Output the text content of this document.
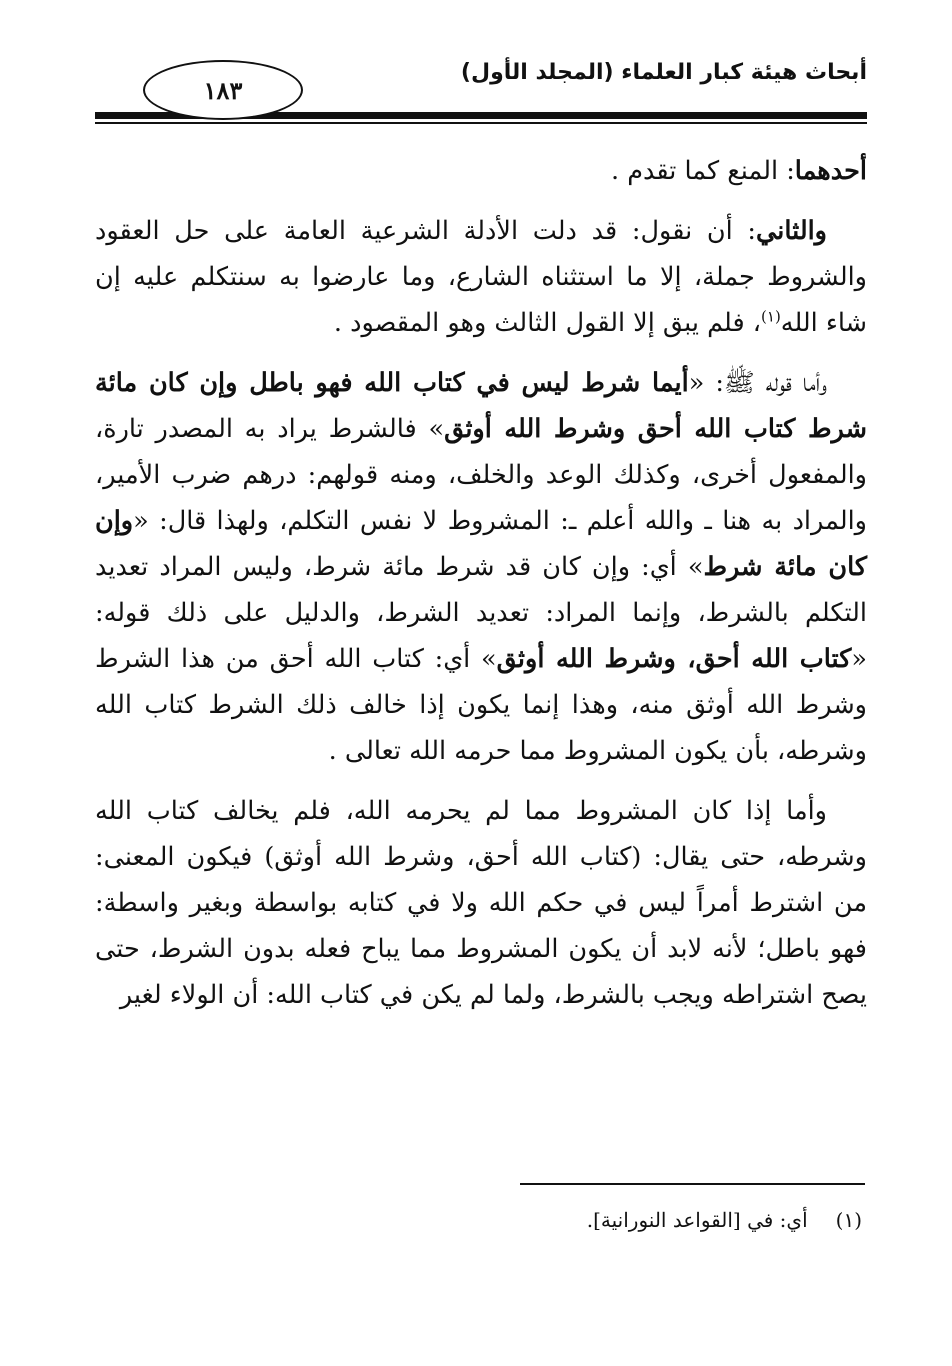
١٨٣
أبحاث هيئة كبار العلماء (المجلد الأول)

أحدهما: المنع كما تقدم .

والثاني: أن نقول: قد دلت الأدلة الشرعية العامة على حل العقود والشروط جملة، إلا ما استثناه الشارع، وما عارضوا به سنتكلم عليه إن شاء الله$^{(١)}$، فلم يبق إلا القول الثالث وهو المقصود .

وأما قوله ﷺ: «أيما شرط ليس في كتاب الله فهو باطل وإن كان مائة شرط كتاب الله أحق وشرط الله أوثق» فالشرط يراد به المصدر تارة، والمفعول أخرى، وكذلك الوعد والخلف، ومنه قولهم: درهم ضرب الأمير، والمراد به هنا ـ والله أعلم ـ: المشروط لا نفس التكلم، ولهذا قال: «وإن كان مائة شرط» أي: وإن كان قد شرط مائة شرط، وليس المراد تعديد التكلم بالشرط، وإنما المراد: تعديد الشرط، والدليل على ذلك قوله: «كتاب الله أحق، وشرط الله أوثق» أي: كتاب الله أحق من هذا الشرط وشرط الله أوثق منه، وهذا إنما يكون إذا خالف ذلك الشرط كتاب الله وشرطه، بأن يكون المشروط مما حرمه الله تعالى .

وأما إذا كان المشروط مما لم يحرمه الله، فلم يخالف كتاب الله وشرطه، حتى يقال: (كتاب الله أحق، وشرط الله أوثق) فيكون المعنى: من اشترط أمراً ليس في حكم الله ولا في كتابه بواسطة وبغير واسطة: فهو باطل؛ لأنه لابد أن يكون المشروط مما يباح فعله بدون الشرط، حتى يصح اشتراطه ويجب بالشرط، ولما لم يكن في كتاب الله: أن الولاء لغير

(١)أي: في [القواعد النورانية].
